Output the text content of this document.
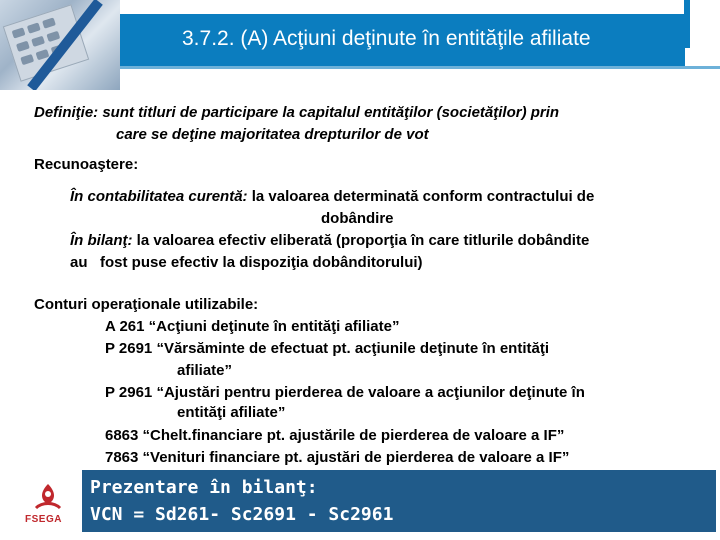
3.7.2. (A) Acţiuni deţinute în entităţile afiliate
Definiţie: sunt titluri de participare la capitalul entităţilor (societăţilor) prin
care se deţine majoritatea drepturilor de vot
Recunoaştere:
În contabilitatea curentă: la valoarea determinată conform contractului de
dobândire
În bilanţ: la valoarea efectiv eliberată (proporţia în care titlurile dobândite
au   fost puse efectiv la dispoziţia dobânditorului)
Conturi operaţionale utilizabile:
A 261 “Acţiuni deţinute în entităţi afiliate”
P 2691 “Vărsăminte de efectuat pt. acţiunile deţinute în entităţi
afiliate”
P 2961 “Ajustări pentru pierderea de valoare a acţiunilor deţinute în
entităţi afiliate”
6863 “Chelt.financiare pt. ajustările de pierderea de valoare a IF”
7863 “Venituri financiare pt. ajustări de pierderea de valoare a IF”
FSEGA
Prezentare în bilanţ:
VCN = Sd261- Sc2691 - Sc2961
